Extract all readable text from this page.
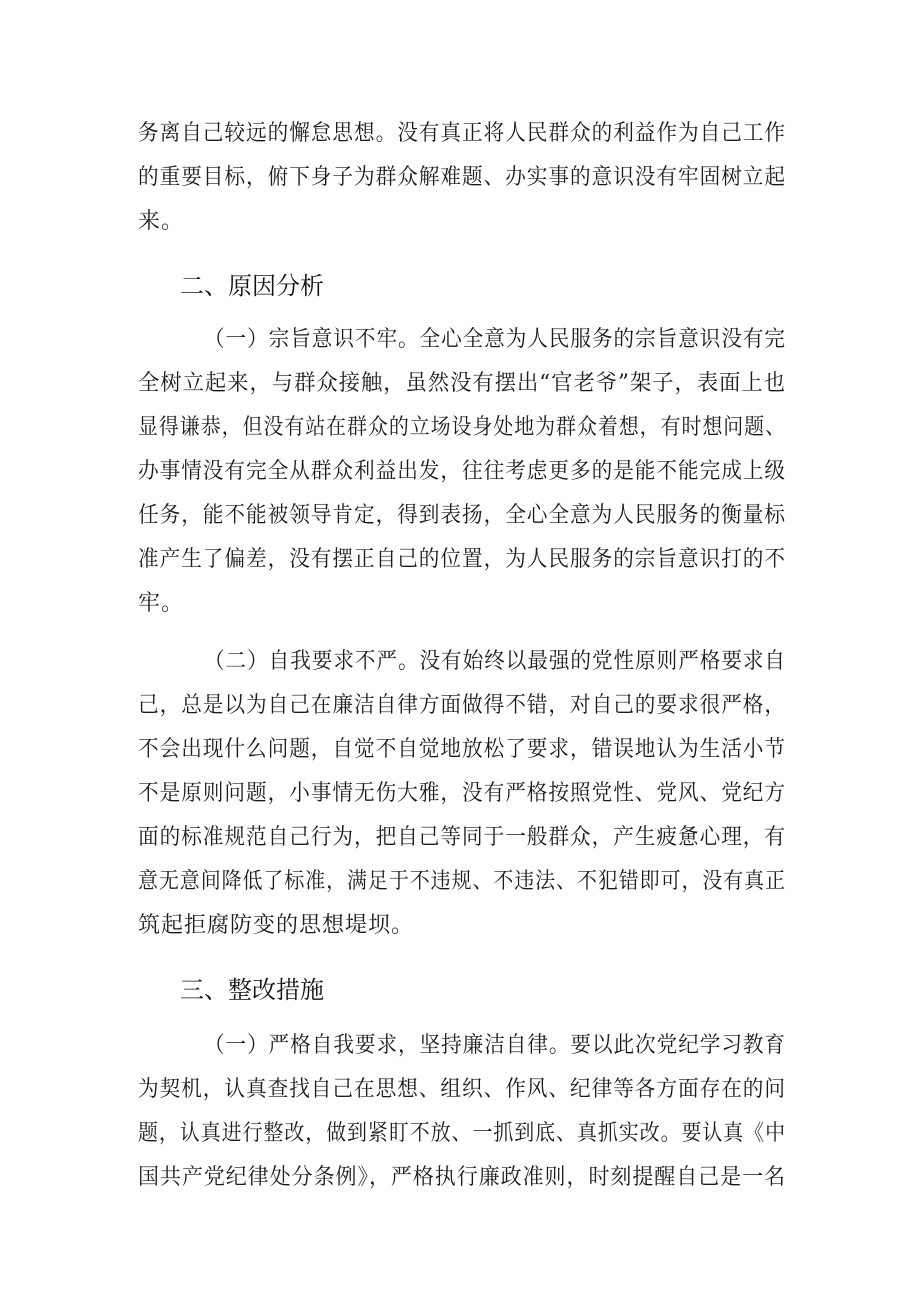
务离自己较远的懈怠思想。没有真正将人民群众的利益作为自己工作
的重要目标，俯下身子为群众解难题、办实事的意识没有牢固树立起
来。

二、原因分析

（一）宗旨意识不牢。全心全意为人民服务的宗旨意识没有完
全树立起来，与群众接触，虽然没有摆出“官老爷”架子，表面上也
显得谦恭，但没有站在群众的立场设身处地为群众着想，有时想问题、
办事情没有完全从群众利益出发，往往考虑更多的是能不能完成上级
任务，能不能被领导肯定，得到表扬，全心全意为人民服务的衡量标
准产生了偏差，没有摆正自己的位置，为人民服务的宗旨意识打的不
牢。

（二）自我要求不严。没有始终以最强的党性原则严格要求自
己，总是以为自己在廉洁自律方面做得不错，对自己的要求很严格，
不会出现什么问题，自觉不自觉地放松了要求，错误地认为生活小节
不是原则问题，小事情无伤大雅，没有严格按照党性、党风、党纪方
面的标准规范自己行为，把自己等同于一般群众，产生疲惫心理，有
意无意间降低了标准，满足于不违规、不违法、不犯错即可，没有真正
筑起拒腐防变的思想堤坝。

三、整改措施

（一）严格自我要求，坚持廉洁自律。要以此次党纪学习教育
为契机，认真查找自己在思想、组织、作风、纪律等各方面存在的问
题，认真进行整改，做到紧盯不放、一抓到底、真抓实改。要认真《中
国共产党纪律处分条例》，严格执行廉政准则，时刻提醒自己是一名
